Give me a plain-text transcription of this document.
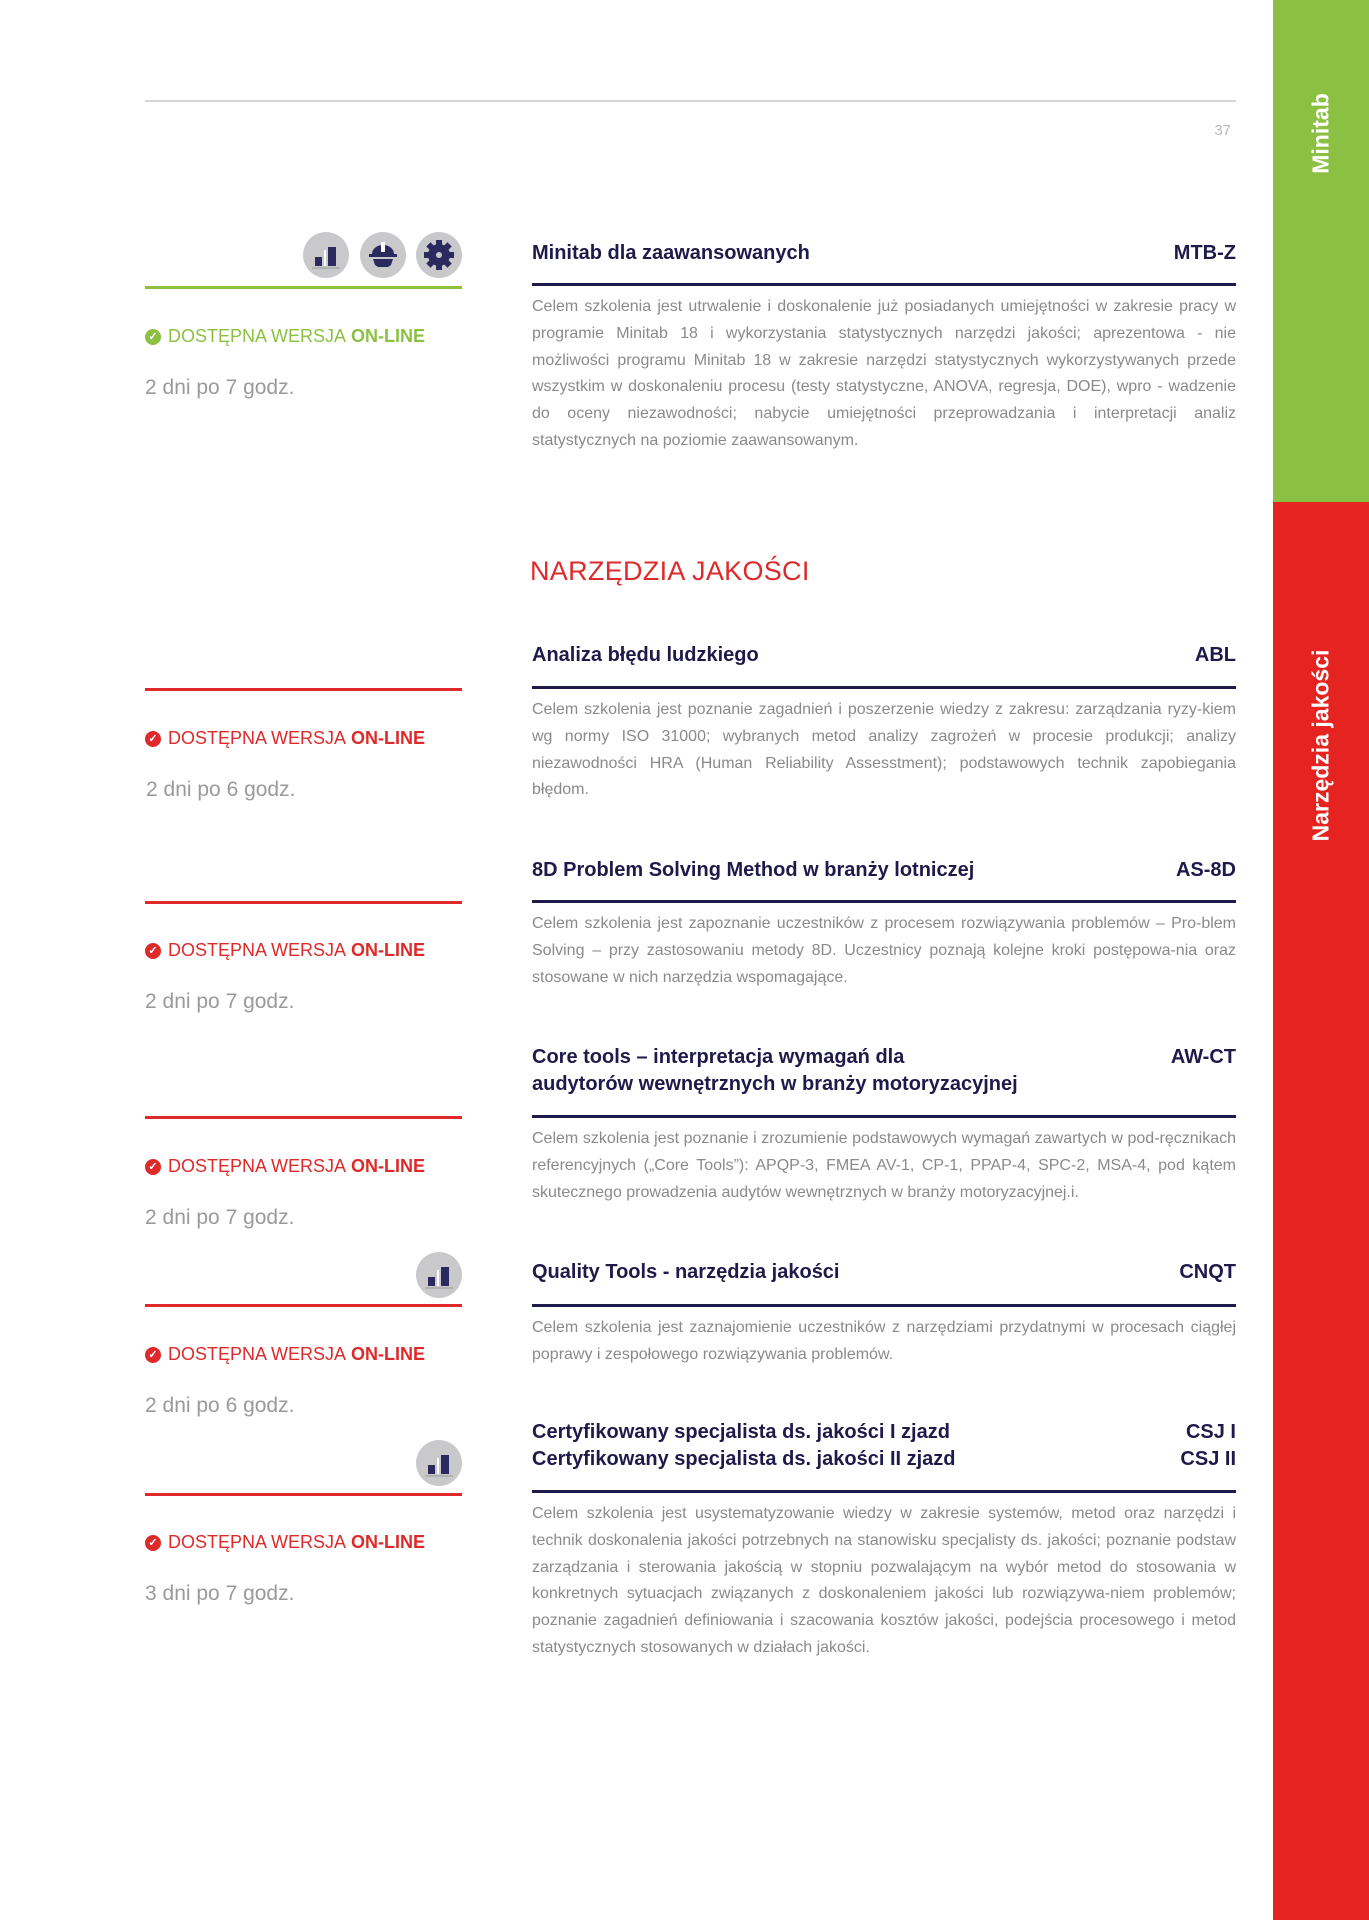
37	Minitab
Narzędzia jakości
✓ DOSTĘPNA WERSJA ON-LINE
2 dni po 7 godz.
Minitab dla zaawansowanych	MTB-Z
Celem szkolenia jest utrwalenie i doskonalenie już posiadanych umiejętności w zakresie pracy w programie Minitab 18 i wykorzystania statystycznych narzędzi jakości; aprezentowa - nie możliwości programu Minitab 18 w zakresie narzędzi statystycznych wykorzystywanych przede wszystkim w doskonaleniu procesu (testy statystyczne, ANOVA, regresja, DOE), wpro - wadzenie do oceny niezawodności; nabycie umiejętności przeprowadzania i interpretacji analiz statystycznych na poziomie zaawansowanym.
NARZĘDZIA JAKOŚCI
✓ DOSTĘPNA WERSJA ON-LINE
2 dni po 6 godz.
Analiza błędu ludzkiego	ABL
Celem szkolenia jest poznanie zagadnień i poszerzenie wiedzy z zakresu: zarządzania ryzy-kiem wg normy ISO 31000; wybranych metod analizy zagrożeń w procesie produkcji; analizy niezawodności HRA (Human Reliability Assesstment); podstawowych technik zapobiegania błędom.
✓ DOSTĘPNA WERSJA ON-LINE
2 dni po 7 godz.
8D Problem Solving Method w branży lotniczej	AS-8D
Celem szkolenia jest zapoznanie uczestników z procesem rozwiązywania problemów – Pro-blem Solving – przy zastosowaniu metody 8D. Uczestnicy poznają kolejne kroki postępowa-nia oraz stosowane w nich narzędzia wspomagające.
✓ DOSTĘPNA WERSJA ON-LINE
2 dni po 7 godz.
Core tools – interpretacja wymagań dla
audytorów wewnętrznych w branży motoryzacyjnej
AW-CT
Celem szkolenia jest poznanie i zrozumienie podstawowych wymagań zawartych w pod-ręcznikach referencyjnych („Core Tools”): APQP-3, FMEA AV-1, CP-1, PPAP-4, SPC-2, MSA-4, pod kątem skutecznego prowadzenia audytów wewnętrznych w branży motoryzacyjnej.i.
✓ DOSTĘPNA WERSJA ON-LINE
2 dni po 6 godz.
Quality Tools - narzędzia jakości	CNQT
Celem szkolenia jest zaznajomienie uczestników z narzędziami przydatnymi w procesach ciągłej poprawy i zespołowego rozwiązywania problemów.
✓ DOSTĘPNA WERSJA ON-LINE
3 dni po 7 godz.
Certyfikowany specjalista ds. jakości I zjazd
Certyfikowany specjalista ds. jakości II zjazd
CSJ I
CSJ II
Celem szkolenia jest usystematyzowanie wiedzy w zakresie systemów, metod oraz narzędzi i technik doskonalenia jakości potrzebnych na stanowisku specjalisty ds. jakości; poznanie podstaw zarządzania i sterowania jakością w stopniu pozwalającym na wybór metod do stosowania w konkretnych sytuacjach związanych z doskonaleniem jakości lub rozwiązywa-niem problemów; poznanie zagadnień definiowania i szacowania kosztów jakości, podejścia procesowego i metod statystycznych stosowanych w działach jakości.
